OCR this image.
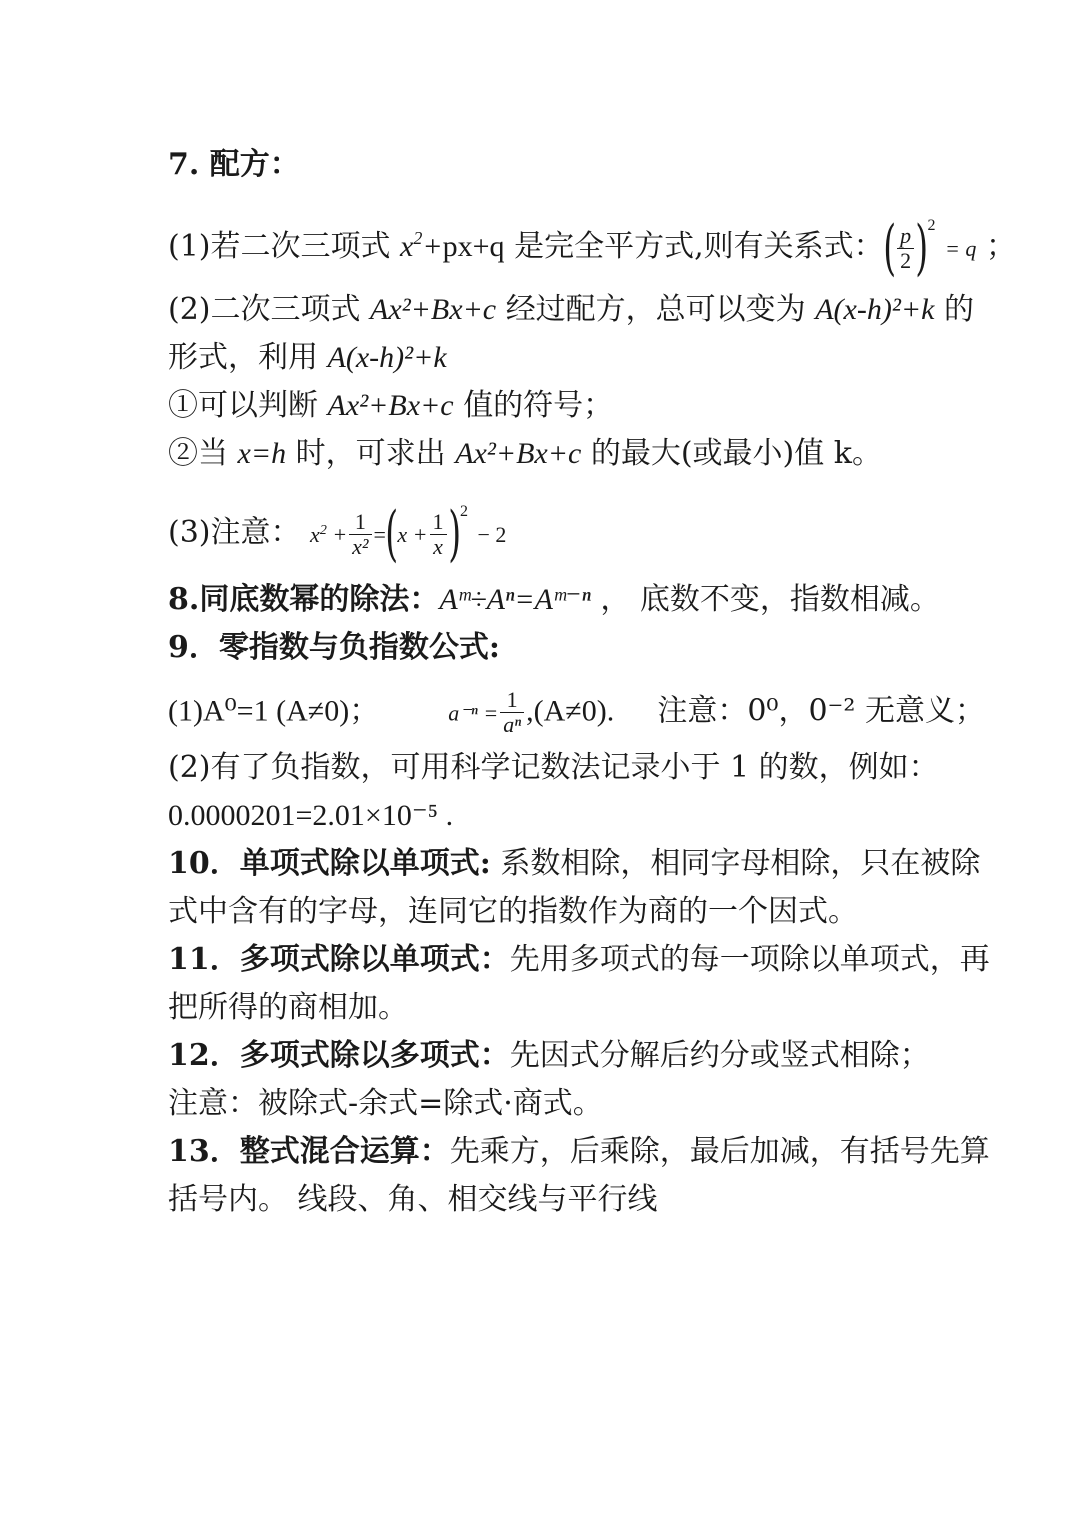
7. 配方：
(1)若二次三项式 $x^2+px+q$ 是完全平方式,则有关系式：( $\frac{p}{2} )^2 = q$ ；
(2)二次三项式 Ax²+Bx+c 经过配方，总可以变为 A(x-h)²+k 的
形式，利用 A(x-h)²+k
①可以判断 Ax²+Bx+c 值的符号；
②当 x=h 时，可求出 Ax²+Bx+c 的最大(或最小)值 k。
(3)注意： $x^2 + \frac{1}{\text{x²}} =(x + \frac{1}{x} )^2 - 2$
8.同底数幂的除法：Aᵐ÷Aⁿ=Aᵐ⁻ⁿ ， 底数不变，指数相减。
9．零指数与负指数公式:
(1)A⁰=1 (A≠0)；	$a^{-n} = \frac{1}{\text{aⁿ}} ,(A\ne 0)$. 注意：0⁰，0⁻² 无意义；
(2)有了负指数，可用科学记数法记录小于 1 的数，例如：
0.0000201=2.01×10⁻⁵ .
10．单项式除以单项式: 系数相除，相同字母相除，只在被除
式中含有的字母，连同它的指数作为商的一个因式。
11．多项式除以单项式：先用多项式的每一项除以单项式，再
把所得的商相加。
12．多项式除以多项式：先因式分解后约分或竖式相除；
注意：被除式-余式=除式·商式。
13．整式混合运算：先乘方，后乘除，最后加减，有括号先算
括号内。 线段、角、相交线与平行线
